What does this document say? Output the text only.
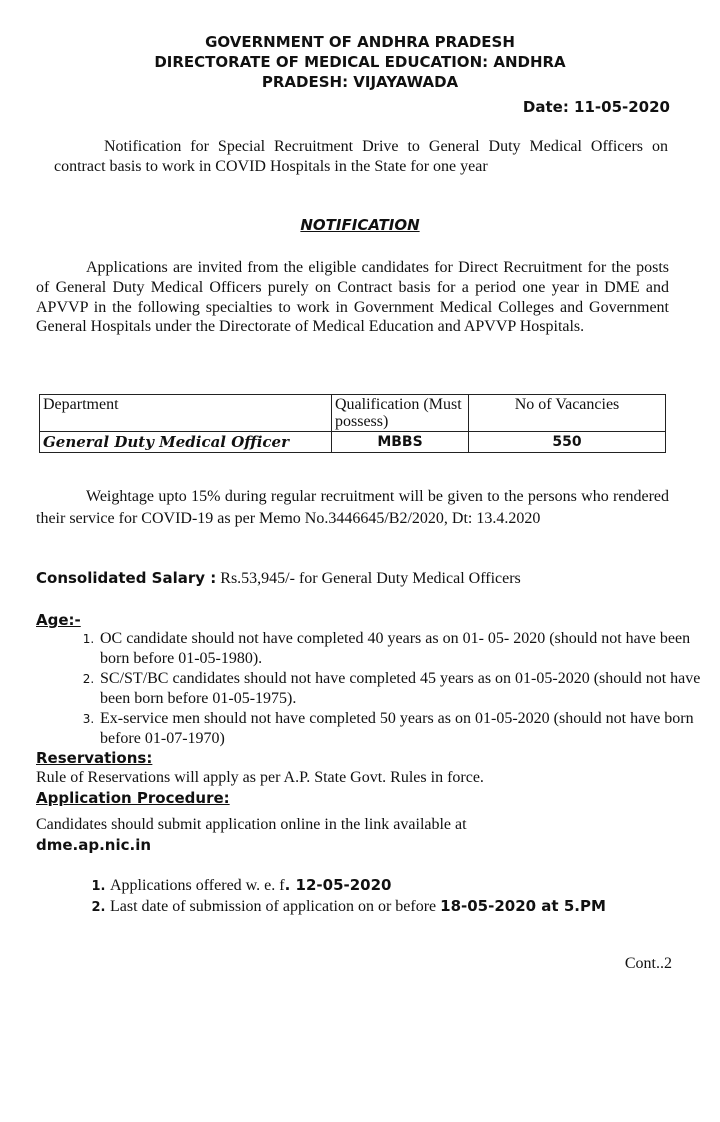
GOVERNMENT OF ANDHRA PRADESH
DIRECTORATE OF MEDICAL EDUCATION: ANDHRA
PRADESH: VIJAYAWADA
Date: 11-05-2020
Notification for Special Recruitment Drive to General Duty Medical Officers on contract basis to work in COVID Hospitals in the State for one year
NOTIFICATION
Applications are invited from the eligible candidates for Direct Recruitment for the posts of General Duty Medical Officers purely on Contract basis for a period one year in DME and APVVP in the following specialties to work in Government Medical Colleges and Government General Hospitals under the Directorate of Medical Education and APVVP Hospitals.
Department	Qualification (Must possess)	No of Vacancies
General Duty Medical Officer	MBBS	550
Weightage upto 15% during regular recruitment will be given to the persons who rendered their service for COVID-19 as per Memo No.3446645/B2/2020, Dt: 13.4.2020
Consolidated Salary : Rs.53,945/- for General Duty Medical Officers
Age:-
1. OC candidate should not have completed 40 years as on 01- 05- 2020 (should not have been born before 01-05-1980).
2. SC/ST/BC candidates should not have completed 45 years as on 01-05-2020 (should not have been born before 01-05-1975).
3. Ex-service men should not have completed 50 years as on 01-05-2020 (should not have born before 01-07-1970)
Reservations:
Rule of Reservations will apply as per A.P. State Govt. Rules in force.
Application Procedure:
Candidates should submit application online in the link available at
dme.ap.nic.in
1. Applications offered w. e. f. 12-05-2020
2. Last date of submission of application on or before 18-05-2020 at 5.PM
Cont..2
